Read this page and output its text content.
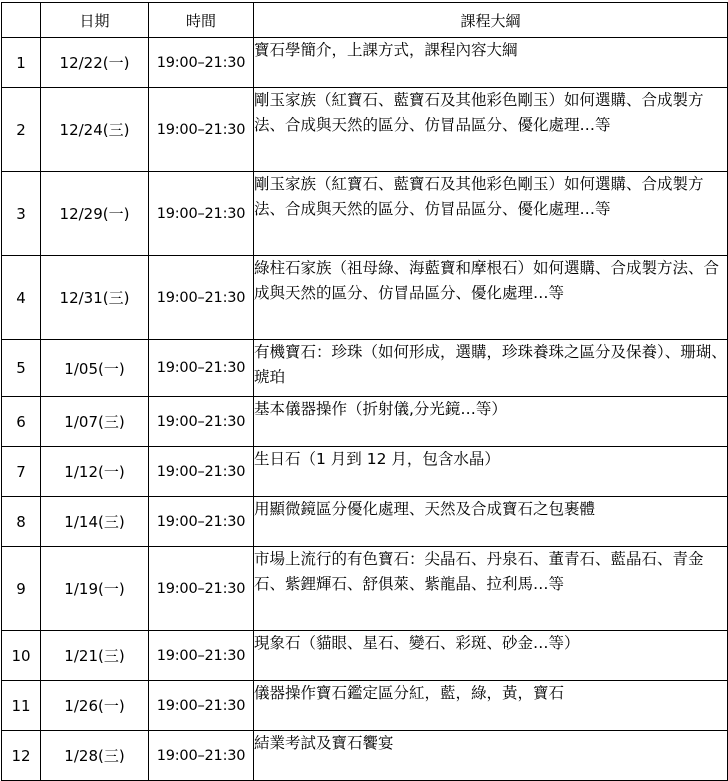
	日期	時間	課程大綱
1	12/22(一)	19:00–21:30	寶石學簡介，上課方式，課程內容大綱
2	12/24(三)	19:00–21:30	剛玉家族（紅寶石、藍寶石及其他彩色剛玉）如何選購、合成製方法、合成與天然的區分、仿冒品區分、優化處理…等
3	12/29(一)	19:00–21:30	剛玉家族（紅寶石、藍寶石及其他彩色剛玉）如何選購、合成製方法、合成與天然的區分、仿冒品區分、優化處理…等
4	12/31(三)	19:00–21:30	綠柱石家族（祖母綠、海藍寶和摩根石）如何選購、合成製方法、合成與天然的區分、仿冒品區分、優化處理…等
5	1/05(一)	19:00–21:30	有機寶石：珍珠（如何形成，選購，珍珠養珠之區分及保養）、珊瑚、琥珀
6	1/07(三)	19:00–21:30	基本儀器操作（折射儀,分光鏡…等）
7	1/12(一)	19:00–21:30	生日石（1 月到 12 月，包含水晶）
8	1/14(三)	19:00–21:30	用顯微鏡區分優化處理、天然及合成寶石之包裹體
9	1/19(一)	19:00–21:30	市場上流行的有色寶石：尖晶石、丹泉石、董青石、藍晶石、青金石、紫鋰輝石、舒俱萊、紫龍晶、拉利馬…等
10	1/21(三)	19:00–21:30	現象石（貓眼、星石、變石、彩斑、砂金…等）
11	1/26(一)	19:00–21:30	儀器操作寶石鑑定區分紅，藍，綠，黃，寶石
12	1/28(三)	19:00–21:30	結業考試及寶石饗宴
